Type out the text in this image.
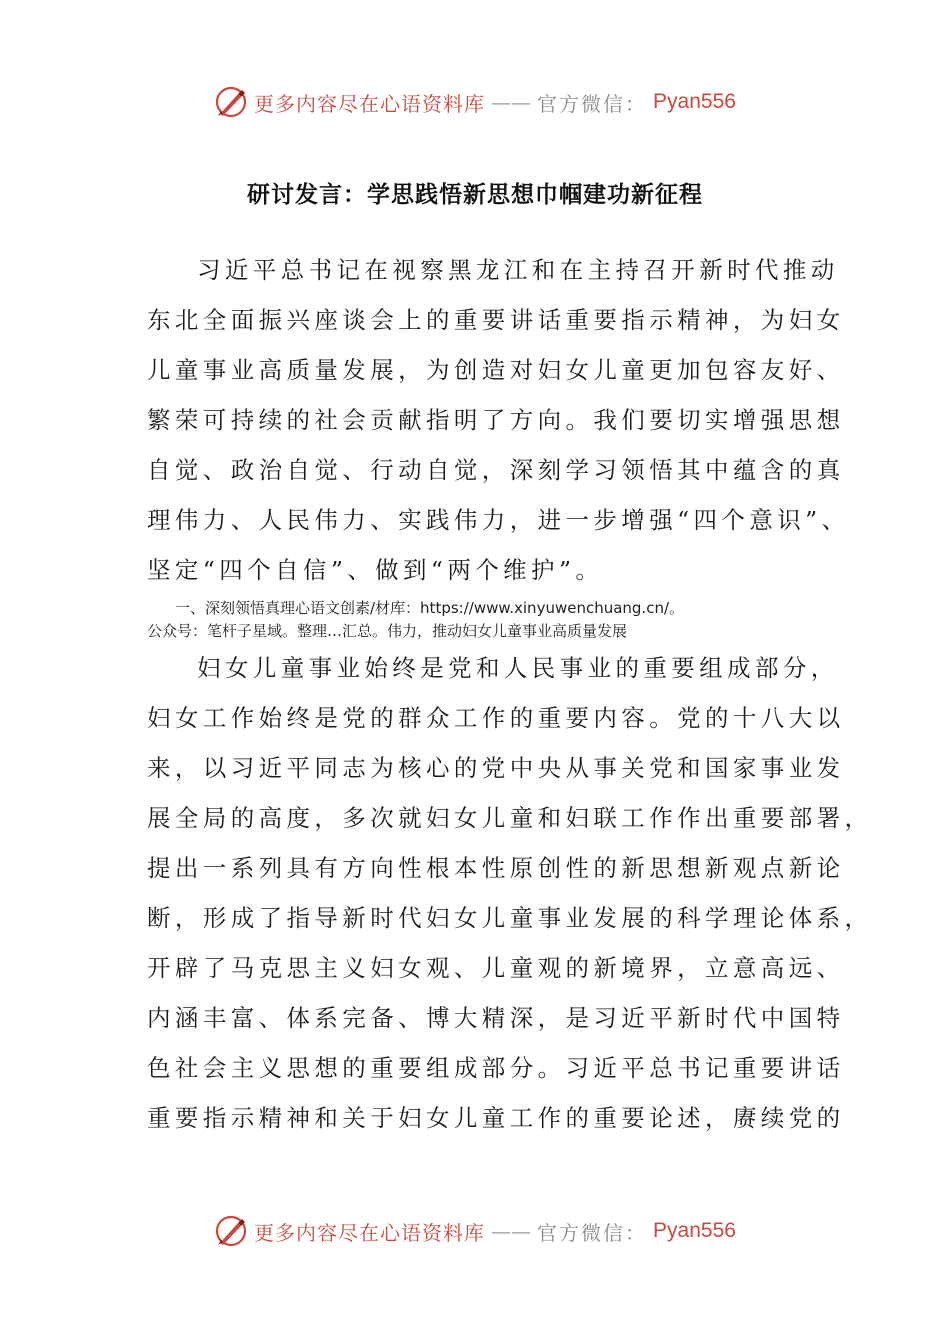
更多内容尽在心语资料库 —— 官方微信： Pyan556
研讨发言：学思践悟新思想巾帼建功新征程
习近平总书记在视察黑龙江和在主持召开新时代推动
东北全面振兴座谈会上的重要讲话重要指示精神，为妇女
儿童事业高质量发展，为创造对妇女儿童更加包容友好、
繁荣可持续的社会贡献指明了方向。我们要切实增强思想
自觉、政治自觉、行动自觉，深刻学习领悟其中蕴含的真
理伟力、人民伟力、实践伟力，进一步增强“四个意识”、
坚定“四个自信”、做到“两个维护”。
一、深刻领悟真理心语文创素/材库：https://www.xinyuwenchuang.cn/。
公众号：笔杆子星域。整理…汇总。伟力，推动妇女儿童事业高质量发展
妇女儿童事业始终是党和人民事业的重要组成部分，
妇女工作始终是党的群众工作的重要内容。党的十八大以
来，以习近平同志为核心的党中央从事关党和国家事业发
展全局的高度，多次就妇女儿童和妇联工作作出重要部署，
提出一系列具有方向性根本性原创性的新思想新观点新论
断，形成了指导新时代妇女儿童事业发展的科学理论体系，
开辟了马克思主义妇女观、儿童观的新境界，立意高远、
内涵丰富、体系完备、博大精深，是习近平新时代中国特
色社会主义思想的重要组成部分。习近平总书记重要讲话
重要指示精神和关于妇女儿童工作的重要论述，赓续党的
更多内容尽在心语资料库 —— 官方微信： Pyan556
